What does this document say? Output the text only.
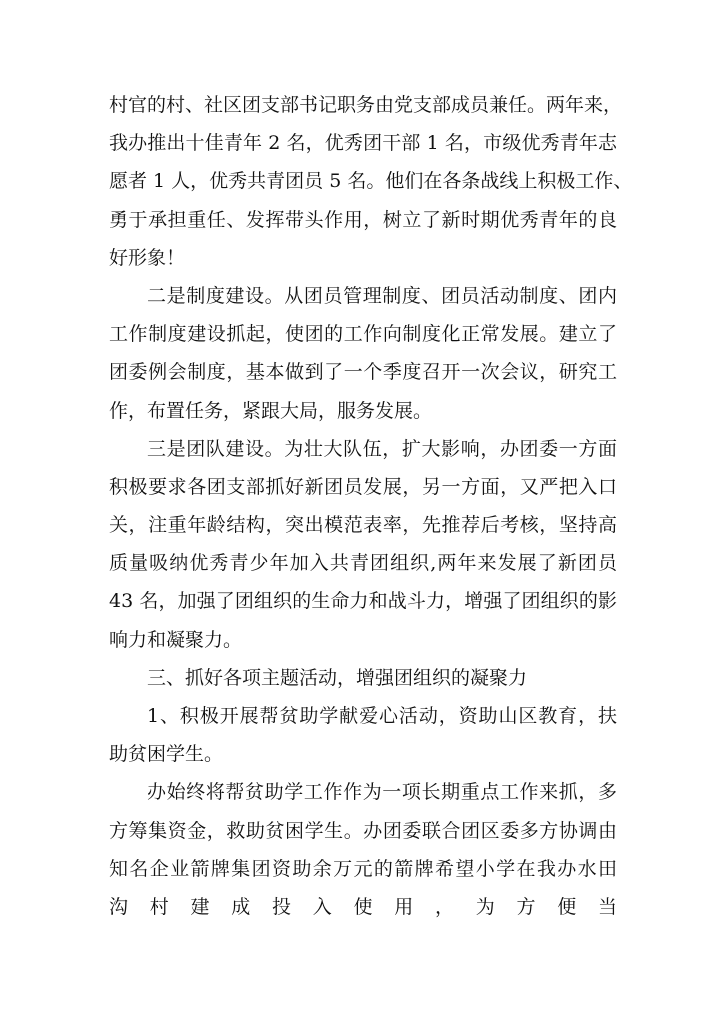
村官的村、社区团支部书记职务由党支部成员兼任。两年来，
我办推出十佳青年 2 名，优秀团干部 1 名，市级优秀青年志
愿者 1 人，优秀共青团员 5 名。他们在各条战线上积极工作、
勇于承担重任、发挥带头作用，树立了新时期优秀青年的良
好形象！
二是制度建设。从团员管理制度、团员活动制度、团内
工作制度建设抓起，使团的工作向制度化正常发展。建立了
团委例会制度，基本做到了一个季度召开一次会议，研究工
作，布置任务，紧跟大局，服务发展。
三是团队建设。为壮大队伍，扩大影响，办团委一方面
积极要求各团支部抓好新团员发展，另一方面，又严把入口
关，注重年龄结构，突出模范表率，先推荐后考核，坚持高
质量吸纳优秀青少年加入共青团组织,两年来发展了新团员
43 名，加强了团组织的生命力和战斗力，增强了团组织的影
响力和凝聚力。
三、抓好各项主题活动，增强团组织的凝聚力
1、积极开展帮贫助学献爱心活动，资助山区教育，扶
助贫困学生。
办始终将帮贫助学工作作为一项长期重点工作来抓，多
方筹集资金，救助贫困学生。办团委联合团区委多方协调由
知名企业箭牌集团资助余万元的箭牌希望小学在我办水田
沟 村 建 成 投 入 使 用 ， 为 方 便 当
